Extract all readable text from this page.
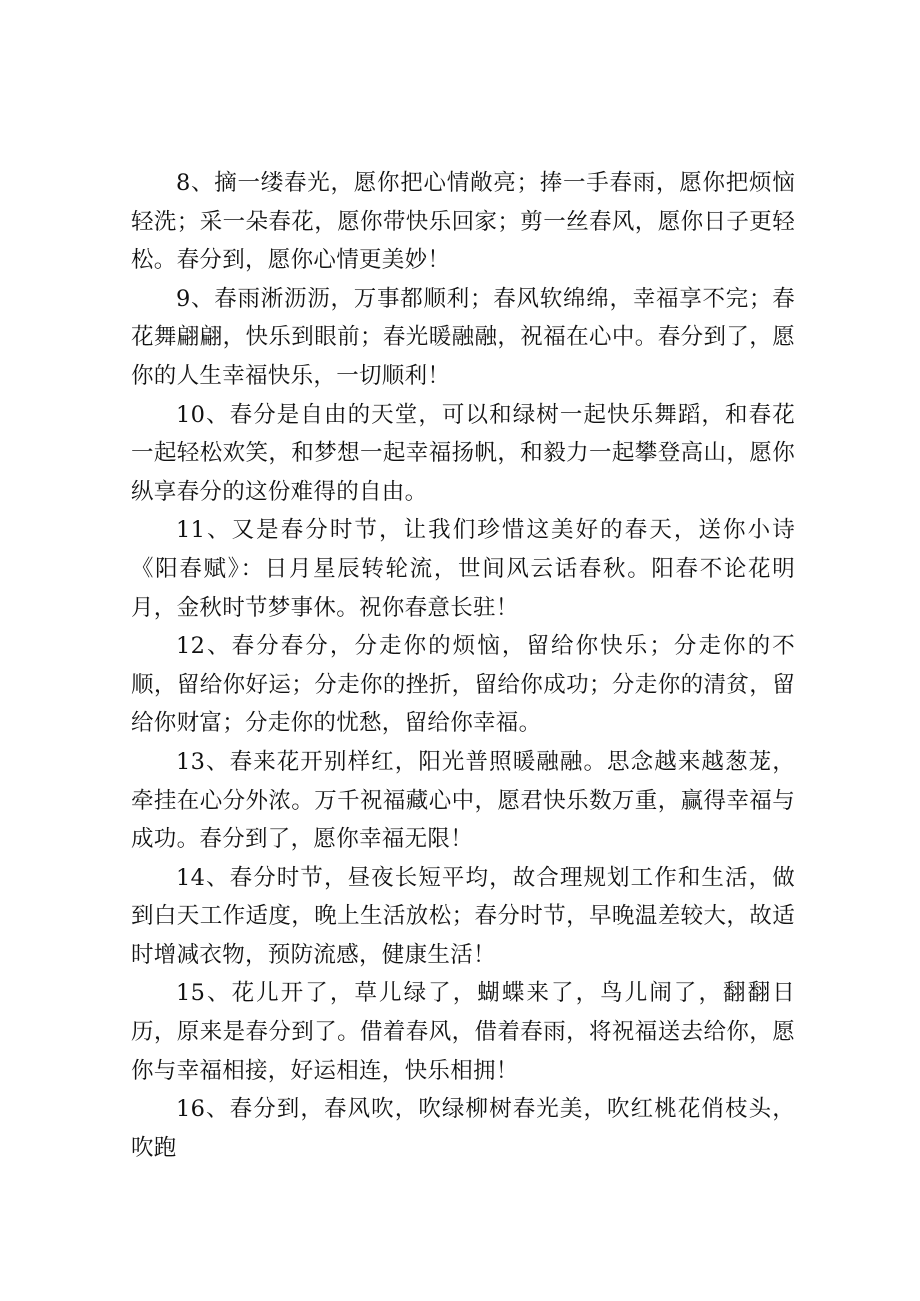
8、摘一缕春光，愿你把心情敞亮；捧一手春雨，愿你把烦恼轻洗；采一朵春花，愿你带快乐回家；剪一丝春风，愿你日子更轻松。春分到，愿你心情更美妙！

9、春雨淅沥沥，万事都顺利；春风软绵绵，幸福享不完；春花舞翩翩，快乐到眼前；春光暖融融，祝福在心中。春分到了，愿你的人生幸福快乐，一切顺利！

10、春分是自由的天堂，可以和绿树一起快乐舞蹈，和春花一起轻松欢笑，和梦想一起幸福扬帆，和毅力一起攀登高山，愿你纵享春分的这份难得的自由。

11、又是春分时节，让我们珍惜这美好的春天，送你小诗《阳春赋》：日月星辰转轮流，世间风云话春秋。阳春不论花明月，金秋时节梦事休。祝你春意长驻！

12、春分春分，分走你的烦恼，留给你快乐；分走你的不顺，留给你好运；分走你的挫折，留给你成功；分走你的清贫，留给你财富；分走你的忧愁，留给你幸福。

13、春来花开别样红，阳光普照暖融融。思念越来越葱茏，牵挂在心分外浓。万千祝福藏心中，愿君快乐数万重，赢得幸福与成功。春分到了，愿你幸福无限！

14、春分时节，昼夜长短平均，故合理规划工作和生活，做到白天工作适度，晚上生活放松；春分时节，早晚温差较大，故适时增减衣物，预防流感，健康生活！

15、花儿开了，草儿绿了，蝴蝶来了，鸟儿闹了，翻翻日历，原来是春分到了。借着春风，借着春雨，将祝福送去给你，愿你与幸福相接，好运相连，快乐相拥！

16、春分到，春风吹，吹绿柳树春光美，吹红桃花俏枝头，吹跑
